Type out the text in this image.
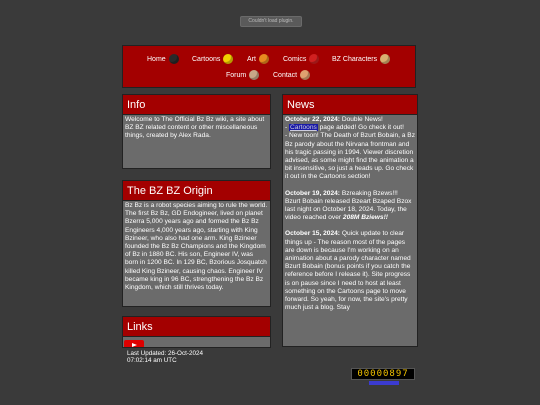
Couldn't load plugin.
Home	Cartoons	Art	Comics	BZ Characters
Forum	Contact
Info
Welcome to The Official Bz Bz wiki, a site about BZ BZ related content or other miscellaneous things, created by Alex Rada.
The BZ BZ Origin
Bz Bz is a robot species aiming to rule the world. The first Bz Bz, GD Endogineer, lived on planet Bzerra 5,000 years ago and formed the Bz Bz Engineers 4,000 years ago, starting with King Bzineer, who also had one arm. King Bzineer founded the Bz Bz Champions and the Kingdom of Bz in 1880 BC. His son, Engineer IV, was born in 1200 BC. In 129 BC, Bzorious Josquatch killed King Bzineer, causing chaos. Engineer IV became king in 96 BC, strengthening the Bz Bz Kingdom, which still thrives today.
Links
Last Updated: 26-Oct-2024
07:02:14 am UTC
News
October 22, 2024: Double News!
- Cartoons page added! Go check it out!
- New toon! The Death of Bzurt Bobain, a Bz Bz parody about the Nirvana frontman and his tragic passing in 1994. Viewer discretion advised, as some might find the animation a bit insensitive, so just a heads up. Go check it out in the Cartoons section!
October 19, 2024: Bzreaking Bzews!!! Bzurt Bobain released Bzeart Bzaped Bzox last night on October 18, 2024. Today, the video reached over 208M Bziews!!
October 15, 2024: Quick update to clear things up - The reason most of the pages are down is because I'm working on an animation about a parody character named Bzurt Bobain (bonus points if you catch the reference before I release it). Site progress is on pause since I need to host at least something on the Cartoons page to move forward. So yeah, for now, the site's pretty much just a blog. Stay
00000897
